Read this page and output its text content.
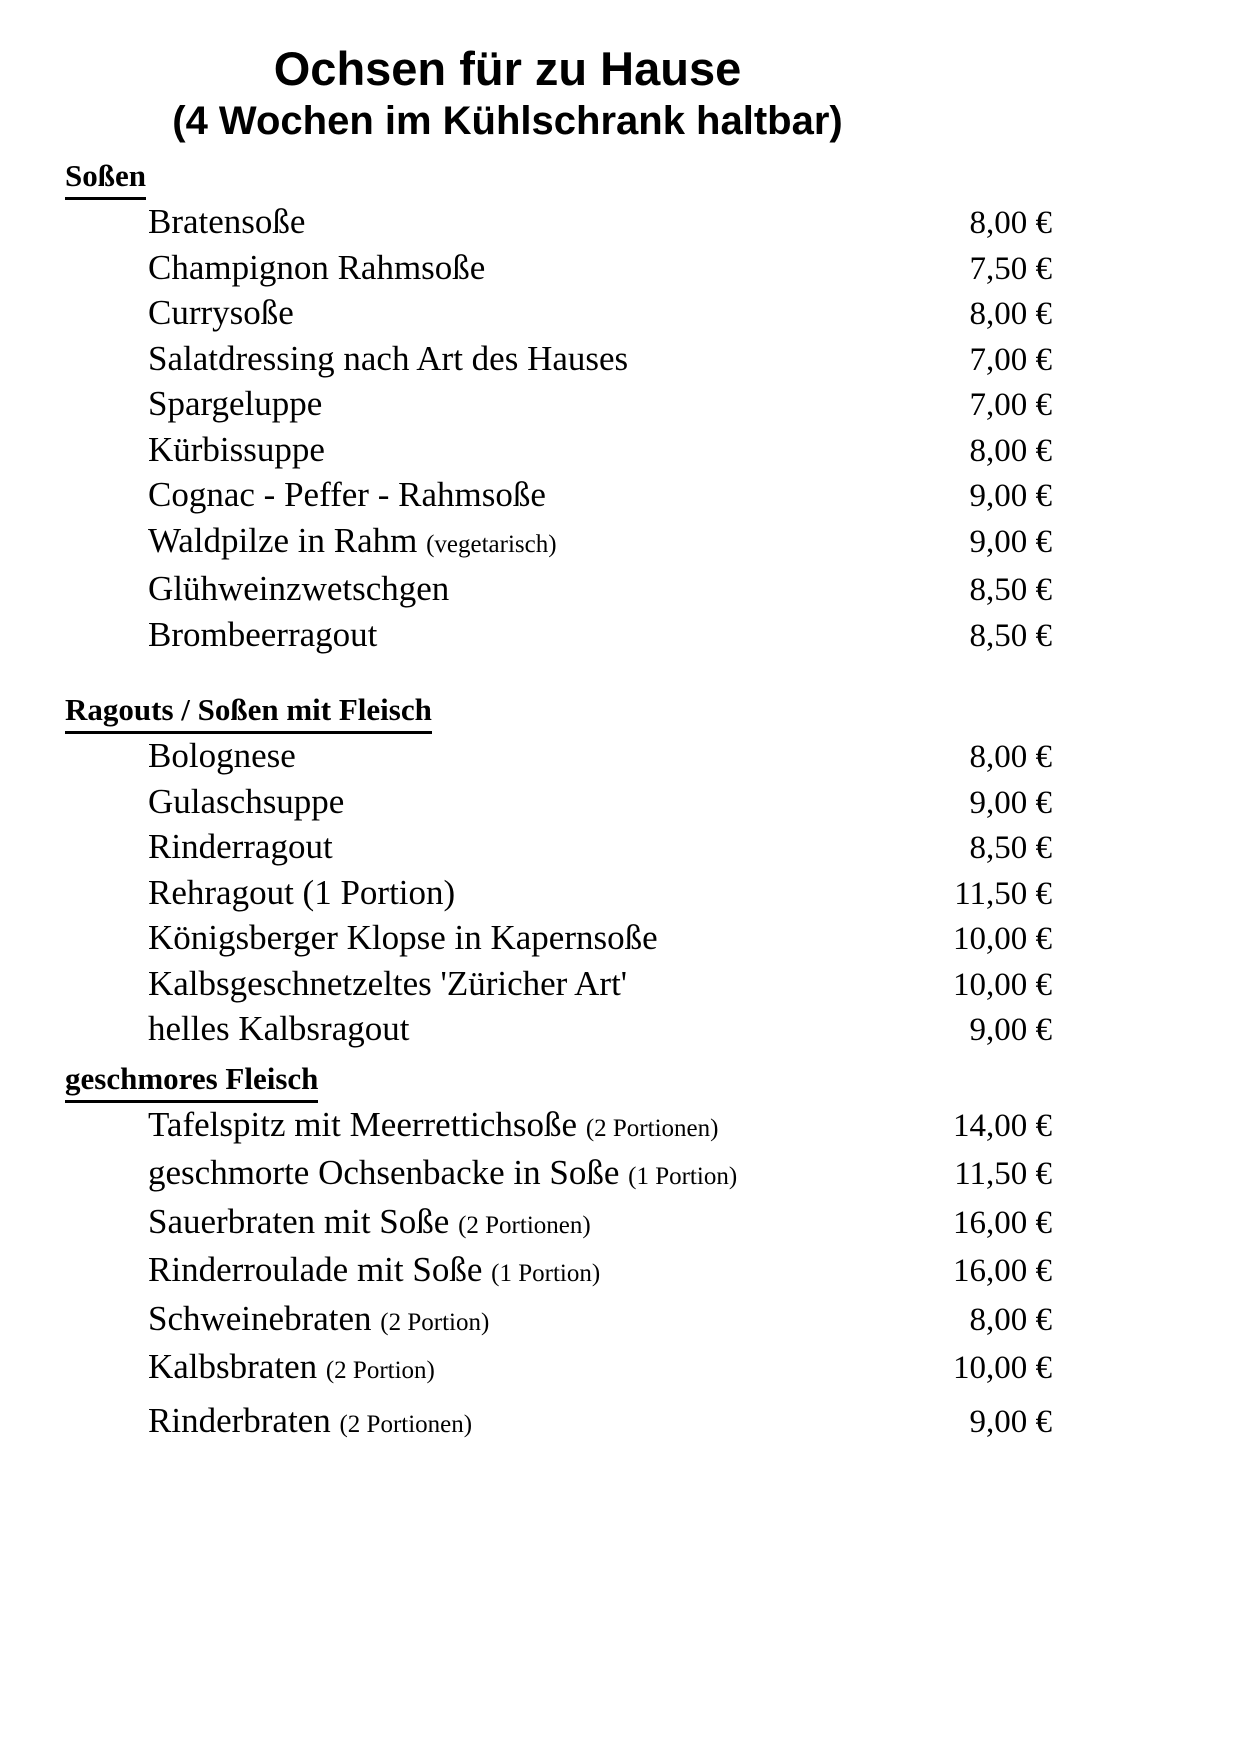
Ochsen für zu Hause
(4 Wochen im Kühlschrank haltbar)
Soßen
Bratensoße	8,00 €
Champignon Rahmsoße	7,50 €
Currysoße	8,00 €
Salatdressing nach Art des Hauses	7,00 €
Spargeluppe	7,00 €
Kürbissuppe	8,00 €
Cognac - Peffer - Rahmsoße	9,00 €
Waldpilze in Rahm (vegetarisch)	9,00 €
Glühweinzwetschgen	8,50 €
Brombeerragout	8,50 €
Ragouts / Soßen mit Fleisch
Bolognese	8,00 €
Gulaschsuppe	9,00 €
Rinderragout	8,50 €
Rehragout (1 Portion)	11,50 €
Königsberger Klopse in Kapernsoße	10,00 €
Kalbsgeschnetzeltes 'Züricher Art'	10,00 €
helles Kalbsragout	9,00 €
geschmores Fleisch
Tafelspitz mit Meerrettichsoße (2 Portionen)	14,00 €
geschmorte Ochsenbacke in Soße (1 Portion)	11,50 €
Sauerbraten mit Soße (2 Portionen)	16,00 €
Rinderroulade mit Soße (1 Portion)	16,00 €
Schweinebraten (2 Portion)	8,00 €
Kalbsbraten (2 Portion)	10,00 €
Rinderbraten (2 Portionen)	9,00 €
